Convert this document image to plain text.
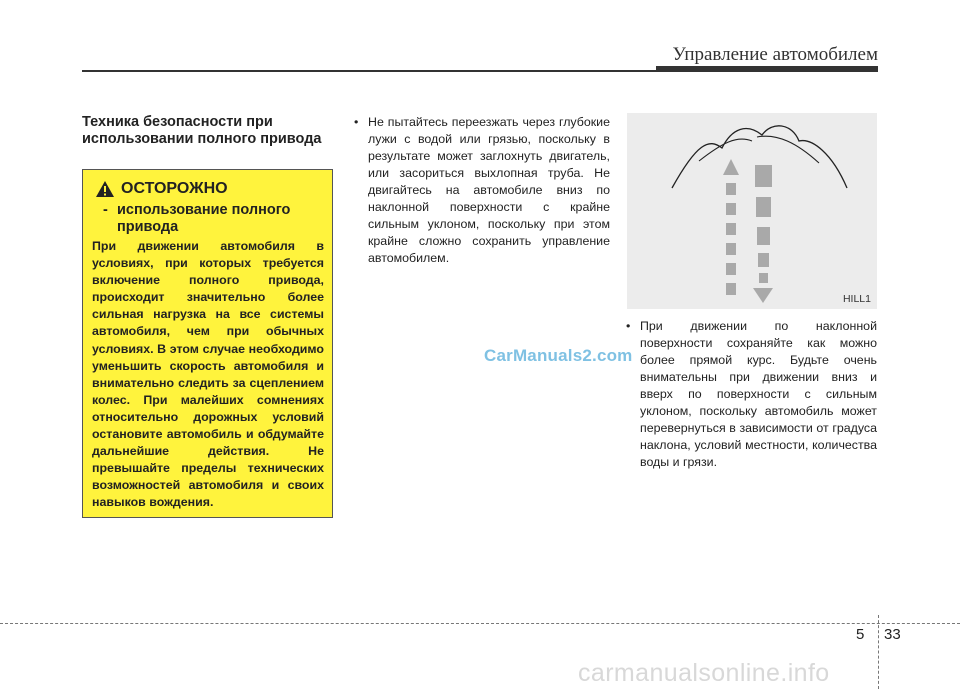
Управление автомобилем
Техника безопасности при использовании полного привода
ОСТОРОЖНО
- использование полного привода
При движении автомобиля в условиях, при которых требуется включение полного привода, происходит значительно более сильная нагрузка на все системы автомобиля, чем при обычных условиях. В этом случае необходимо уменьшить скорость автомобиля и внимательно следить за сцеплением колес. При малейших сомнениях относительно дорожных условий остановите автомобиль и обдумайте дальнейшие действия. Не превышайте пределы технических возможностей автомобиля и своих навыков вождения.
• Не пытайтесь переезжать через глубокие лужи с водой или грязью, поскольку в результате может заглохнуть двигатель, или засориться выхлопная труба. Не двигайтесь на автомобиле вниз по наклонной поверхности с крайне сильным уклоном, поскольку при этом крайне сложно сохранить управление автомобилем.
HILL1
• При движении по наклонной поверхности сохраняйте как можно более прямой курс. Будьте очень внимательны при движении вниз и вверх по поверхности с сильным уклоном, поскольку автомобиль может перевернуться в зависимости от градуса наклона, условий местности, количества воды и грязи.
CarManuals2.com
5 33
carmanualsonline.info
